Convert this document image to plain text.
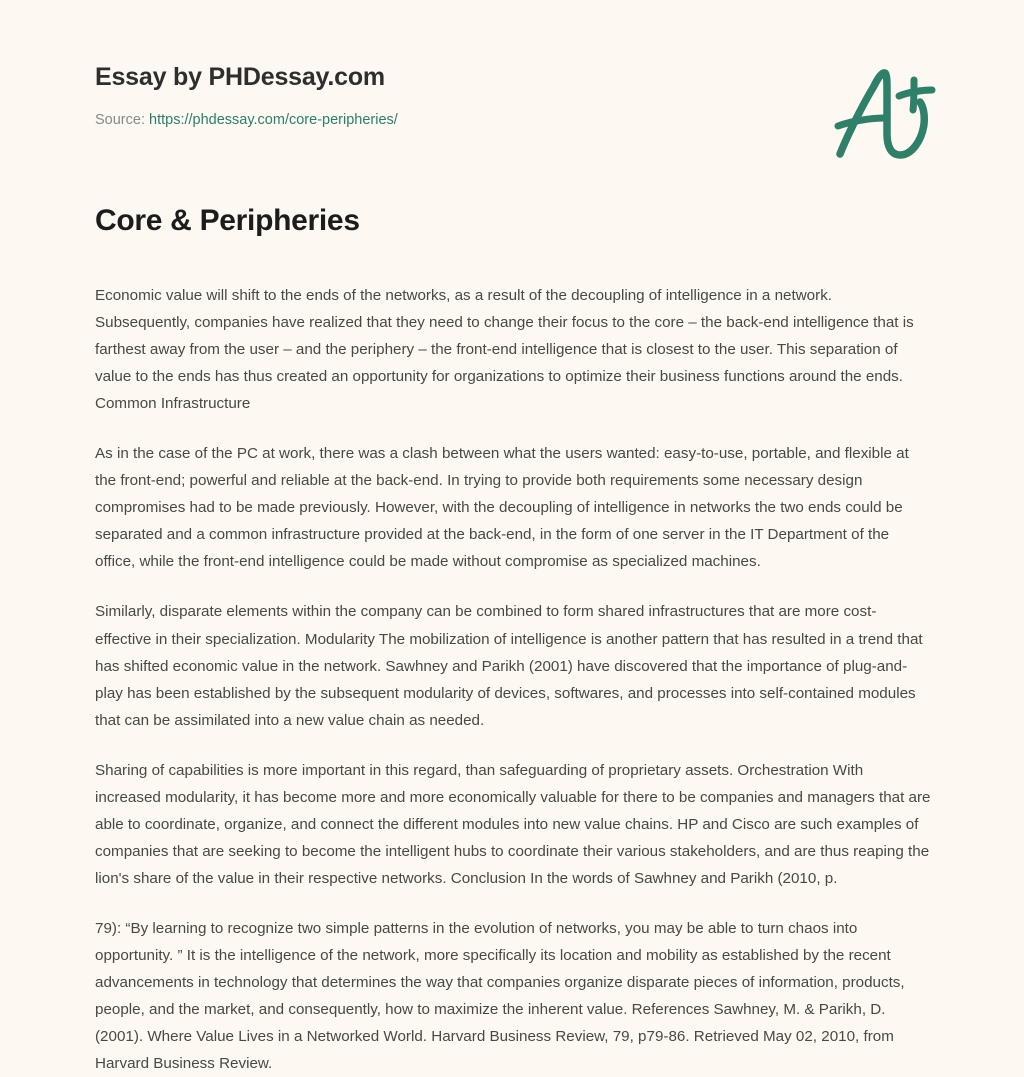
Essay by PHDessay.com
Source: https://phdessay.com/core-peripheries/
Core & Peripheries

Economic value will shift to the ends of the networks, as a result of the decoupling of intelligence in a network. Subsequently, companies have realized that they need to change their focus to the core – the back-end intelligence that is farthest away from the user – and the periphery – the front-end intelligence that is closest to the user. This separation of value to the ends has thus created an opportunity for organizations to optimize their business functions around the ends. Common Infrastructure

As in the case of the PC at work, there was a clash between what the users wanted: easy-to-use, portable, and flexible at the front-end; powerful and reliable at the back-end. In trying to provide both requirements some necessary design compromises had to be made previously. However, with the decoupling of intelligence in networks the two ends could be separated and a common infrastructure provided at the back-end, in the form of one server in the IT Department of the office, while the front-end intelligence could be made without compromise as specialized machines.

Similarly, disparate elements within the company can be combined to form shared infrastructures that are more cost-effective in their specialization. Modularity The mobilization of intelligence is another pattern that has resulted in a trend that has shifted economic value in the network. Sawhney and Parikh (2001) have discovered that the importance of plug-and-play has been established by the subsequent modularity of devices, softwares, and processes into self-contained modules that can be assimilated into a new value chain as needed.

Sharing of capabilities is more important in this regard, than safeguarding of proprietary assets. Orchestration With increased modularity, it has become more and more economically valuable for there to be companies and managers that are able to coordinate, organize, and connect the different modules into new value chains. HP and Cisco are such examples of companies that are seeking to become the intelligent hubs to coordinate their various stakeholders, and are thus reaping the lion's share of the value in their respective networks. Conclusion In the words of Sawhney and Parikh (2010, p.

79): “By learning to recognize two simple patterns in the evolution of networks, you may be able to turn chaos into opportunity. ” It is the intelligence of the network, more specifically its location and mobility as established by the recent advancements in technology that determines the way that companies organize disparate pieces of information, products, people, and the market, and consequently, how to maximize the inherent value. References Sawhney, M. & Parikh, D. (2001). Where Value Lives in a Networked World. Harvard Business Review, 79, p79-86. Retrieved May 02, 2010, from Harvard Business Review.
